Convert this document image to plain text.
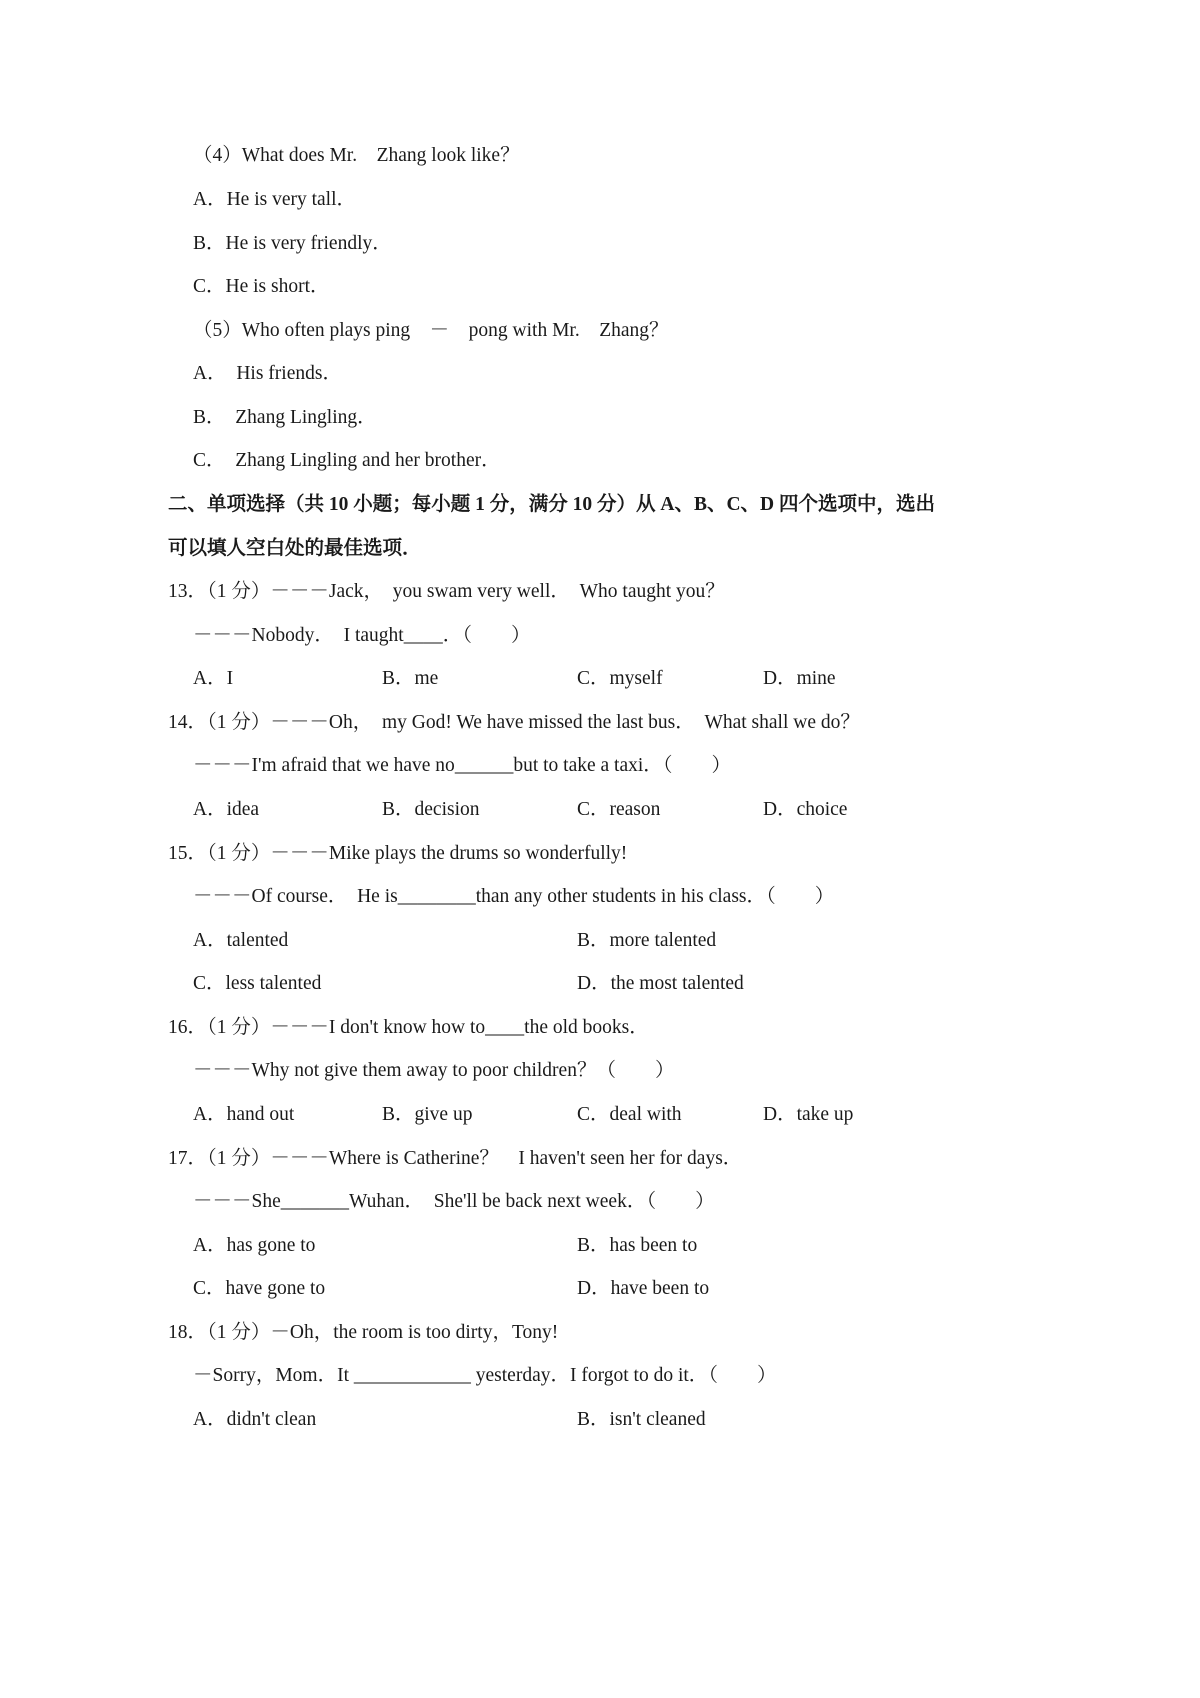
（4）What does Mr.　Zhang look like？
A．He is very tall．
B．He is very friendly．
C．He is short．
（5）Who often plays ping　－　pong with Mr.　Zhang？
A．　His friends．
B．　Zhang Lingling．
C．　Zhang Lingling and her brother．
二、单项选择（共 10 小题；每小题 1 分，满分 10 分）从 A、B、C、D 四个选项中，选出
可以填人空白处的最佳选项．
13．（1 分）－－－Jack，　you swam very well．　Who taught you？
－－－Nobody．　I taught____．（　　）
A．I	B．me	C．myself	D．mine
14．（1 分）－－－Oh，　my God! We have missed the last bus．　What shall we do？
－－－I'm afraid that we have no______but to take a taxi．（　　）
A．idea	B．decision	C．reason	D．choice
15．（1 分）－－－Mike plays the drums so wonderfully!
－－－Of course．　He is________than any other students in his class．（　　）
A．talented	B．more talented
C．less talented	D．the most talented
16．（1 分）－－－I don't know how to____the old books．
－－－Why not give them away to poor children？（　　）
A．hand out	B．give up	C．deal with	D．take up
17．（1 分）－－－Where is Catherine？　I haven't seen her for days．
－－－She_______Wuhan．　She'll be back next week．（　　）
A．has gone to	B．has been to
C．have gone to	D．have been to
18．（1 分）－Oh，the room is too dirty，Tony!
－Sorry，Mom．It ____________ yesterday．I forgot to do it．（　　）
A．didn't clean	B．isn't cleaned
